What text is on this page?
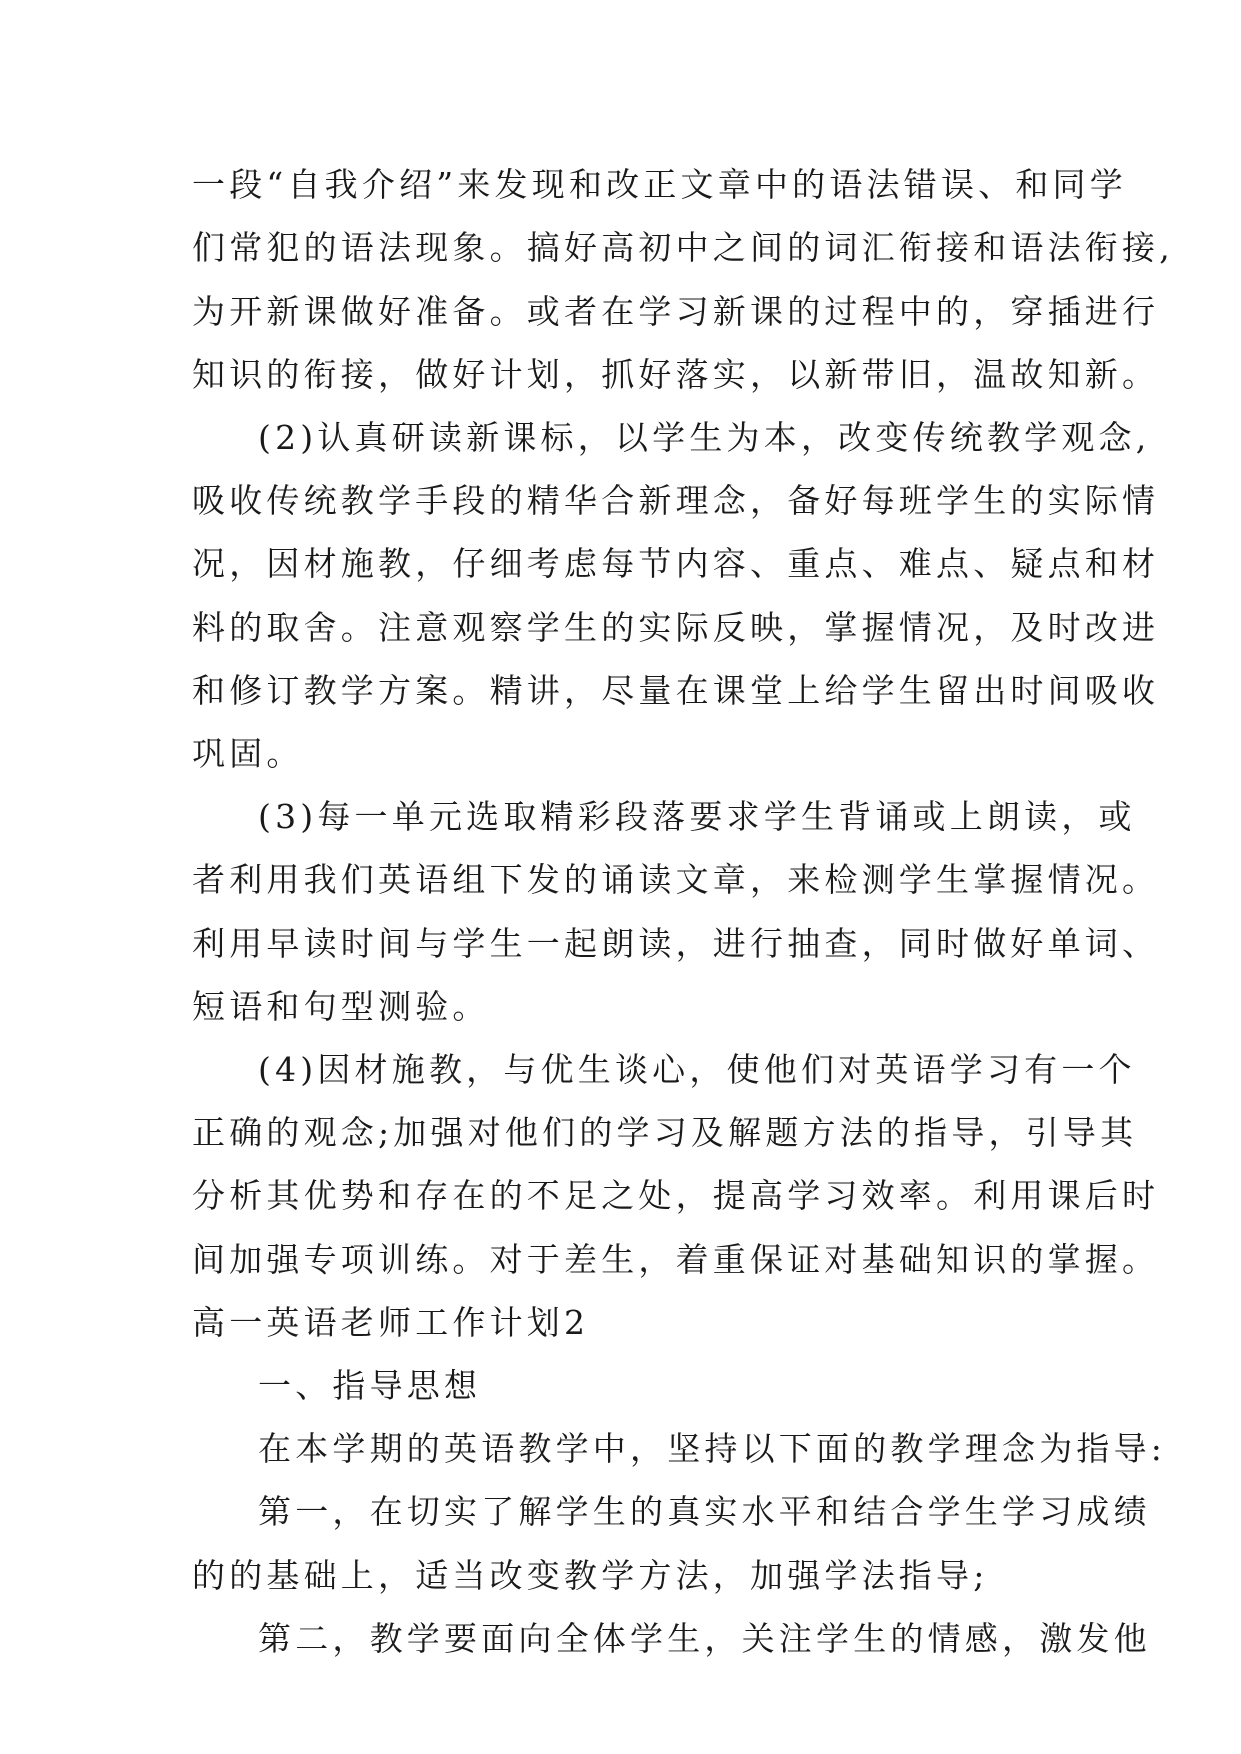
一段“自我介绍”来发现和改正文章中的语法错误、和同学
们常犯的语法现象。搞好高初中之间的词汇衔接和语法衔接,
为开新课做好准备。或者在学习新课的过程中的，穿插进行
知识的衔接，做好计划，抓好落实，以新带旧，温故知新。
(2)认真研读新课标，以学生为本，改变传统教学观念,
吸收传统教学手段的精华合新理念，备好每班学生的实际情
况，因材施教，仔细考虑每节内容、重点、难点、疑点和材
料的取舍。注意观察学生的实际反映，掌握情况，及时改进
和修订教学方案。精讲，尽量在课堂上给学生留出时间吸收
巩固。
(3)每一单元选取精彩段落要求学生背诵或上朗读，或
者利用我们英语组下发的诵读文章，来检测学生掌握情况。
利用早读时间与学生一起朗读，进行抽查，同时做好单词、
短语和句型测验。
(4)因材施教，与优生谈心，使他们对英语学习有一个
正确的观念;加强对他们的学习及解题方法的指导，引导其
分析其优势和存在的不足之处，提高学习效率。利用课后时
间加强专项训练。对于差生，着重保证对基础知识的掌握。
高一英语老师工作计划2
一、指导思想
在本学期的英语教学中，坚持以下面的教学理念为指导:
第一，在切实了解学生的真实水平和结合学生学习成绩
的的基础上，适当改变教学方法，加强学法指导;
第二，教学要面向全体学生，关注学生的情感，激发他
